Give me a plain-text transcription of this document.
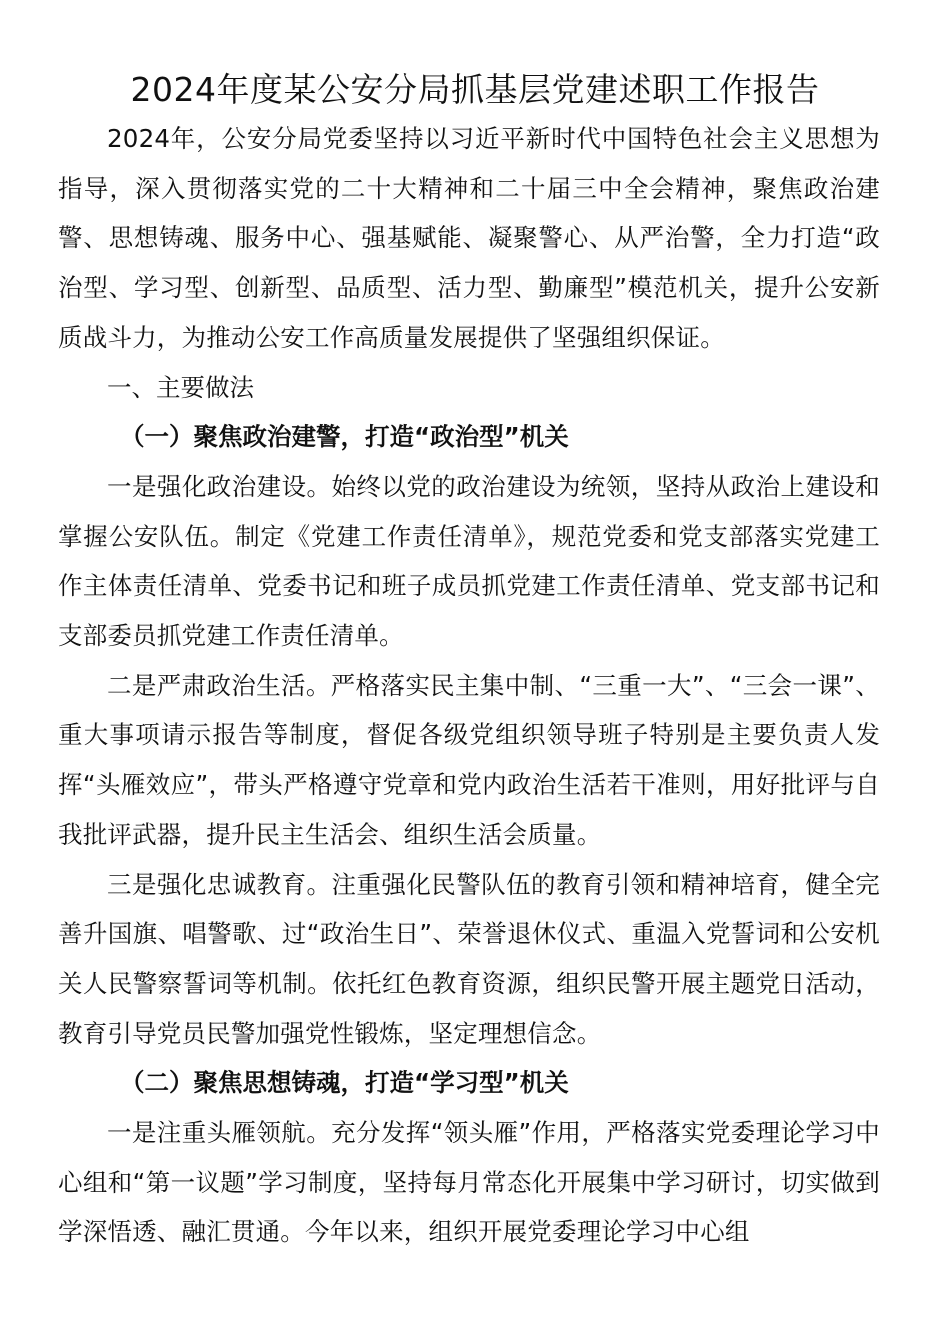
2024年度某公安分局抓基层党建述职工作报告

2024年，公安分局党委坚持以习近平新时代中国特色社会主义思想为指导，深入贯彻落实党的二十大精神和二十届三中全会精神，聚焦政治建警、思想铸魂、服务中心、强基赋能、凝聚警心、从严治警，全力打造“政治型、学习型、创新型、品质型、活力型、勤廉型”模范机关，提升公安新质战斗力，为推动公安工作高质量发展提供了坚强组织保证。

一、主要做法

（一）聚焦政治建警，打造“政治型”机关

一是强化政治建设。始终以党的政治建设为统领，坚持从政治上建设和掌握公安队伍。制定《党建工作责任清单》，规范党委和党支部落实党建工作主体责任清单、党委书记和班子成员抓党建工作责任清单、党支部书记和支部委员抓党建工作责任清单。

二是严肃政治生活。严格落实民主集中制、“三重一大”、“三会一课”、重大事项请示报告等制度，督促各级党组织领导班子特别是主要负责人发挥“头雁效应”，带头严格遵守党章和党内政治生活若干准则，用好批评与自我批评武器，提升民主生活会、组织生活会质量。

三是强化忠诚教育。注重强化民警队伍的教育引领和精神培育，健全完善升国旗、唱警歌、过“政治生日”、荣誉退休仪式、重温入党誓词和公安机关人民警察誓词等机制。依托红色教育资源，组织民警开展主题党日活动，教育引导党员民警加强党性锻炼，坚定理想信念。

（二）聚焦思想铸魂，打造“学习型”机关

一是注重头雁领航。充分发挥“领头雁”作用，严格落实党委理论学习中心组和“第一议题”学习制度，坚持每月常态化开展集中学习研讨，切实做到学深悟透、融汇贯通。今年以来，组织开展党委理论学习中心组
